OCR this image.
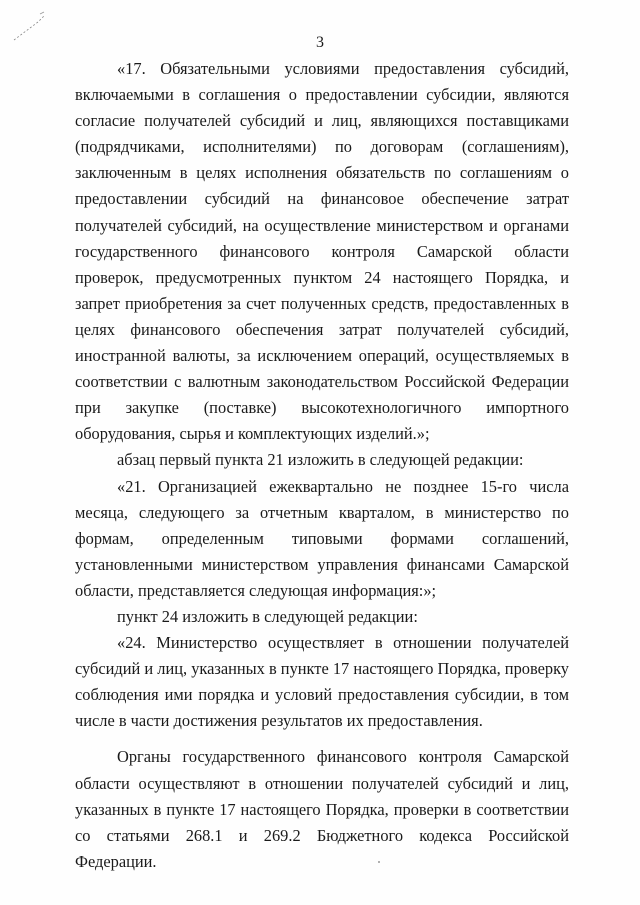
3

«17. Обязательными условиями предоставления субсидий, включаемыми в соглашения о предоставлении субсидии, являются согласие получателей субсидий и лиц, являющихся поставщиками (подрядчиками, исполнителями) по договорам (соглашениям), заключенным в целях исполнения обязательств по соглашениям о предоставлении субсидий на финансовое обеспечение затрат получателей субсидий, на осуществление министерством и органами государственного финансового контроля Самарской области проверок, предусмотренных пунктом 24 настоящего Порядка, и запрет приобретения за счет полученных средств, предоставленных в целях финансового обеспечения затрат получателей субсидий, иностранной валюты, за исключением операций, осуществляемых в соответствии с валютным законодательством Российской Федерации при закупке (поставке) высокотехнологичного импортного оборудования, сырья и комплектующих изделий.»;

абзац первый пункта 21 изложить в следующей редакции:

«21. Организацией ежеквартально не позднее 15-го числа месяца, следующего за отчетным кварталом, в министерство по формам, определенным типовыми формами соглашений, установленными министерством управления финансами Самарской области, представляется следующая информация:»;

пункт 24 изложить в следующей редакции:

«24. Министерство осуществляет в отношении получателей субсидий и лиц, указанных в пункте 17 настоящего Порядка, проверку соблюдения ими порядка и условий предоставления субсидии, в том числе в части достижения результатов их предоставления.

Органы государственного финансового контроля Самарской области осуществляют в отношении получателей субсидий и лиц, указанных в пункте 17 настоящего Порядка, проверки в соответствии со статьями 268.1 и 269.2 Бюджетного кодекса Российской Федерации.
